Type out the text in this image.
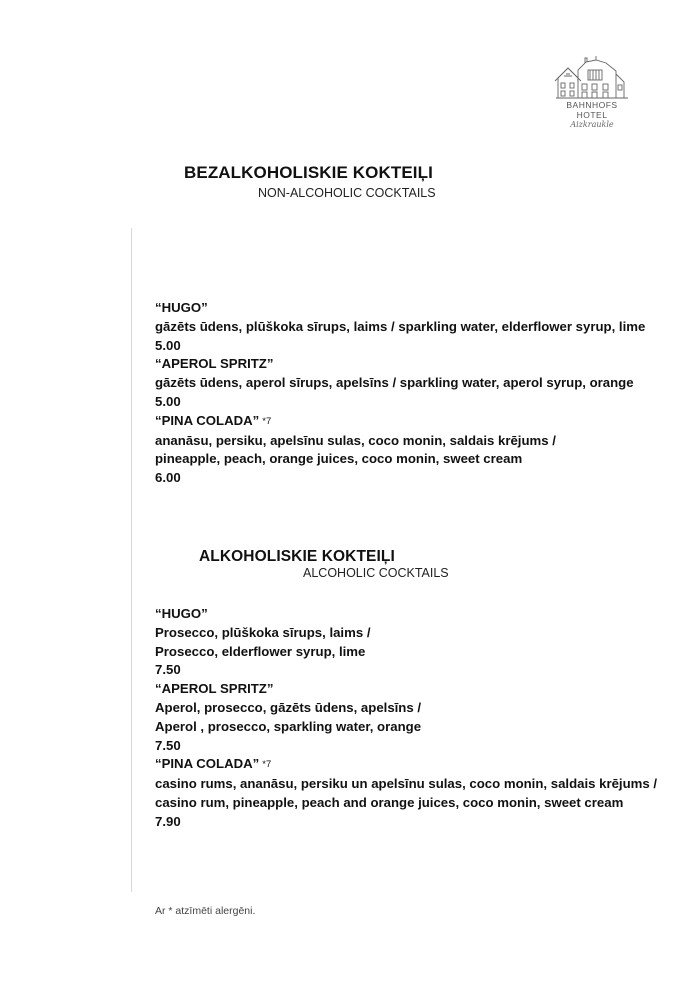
BAHNHOFS HOTEL
Aizkraukle
BEZALKOHOLISKIE KOKTEIĻI
NON-ALCOHOLIC COCKTAILS
“HUGO”
gāzēts ūdens, plūškoka sīrups, laims / sparkling water, elderflower syrup, lime
5.00
“APEROL SPRITZ”
gāzēts ūdens, aperol sīrups, apelsīns / sparkling water, aperol syrup, orange
5.00
“PINA COLADA” *7
ananāsu, persiku, apelsīnu sulas, coco monin, saldais krējums /
pineapple, peach, orange juices, coco monin, sweet cream
6.00
ALKOHOLISKIE KOKTEIĻI
ALCOHOLIC COCKTAILS
“HUGO”
Prosecco, plūškoka sīrups, laims /
Prosecco, elderflower syrup, lime
7.50
“APEROL SPRITZ”
Aperol, prosecco, gāzēts ūdens, apelsīns /
Aperol , prosecco, sparkling water, orange
7.50
“PINA COLADA” *7
casino rums, ananāsu, persiku un apelsīnu sulas, coco monin, saldais krējums /
casino rum, pineapple, peach and orange juices, coco monin, sweet cream
7.90
Ar * atzīmēti alergēni.
